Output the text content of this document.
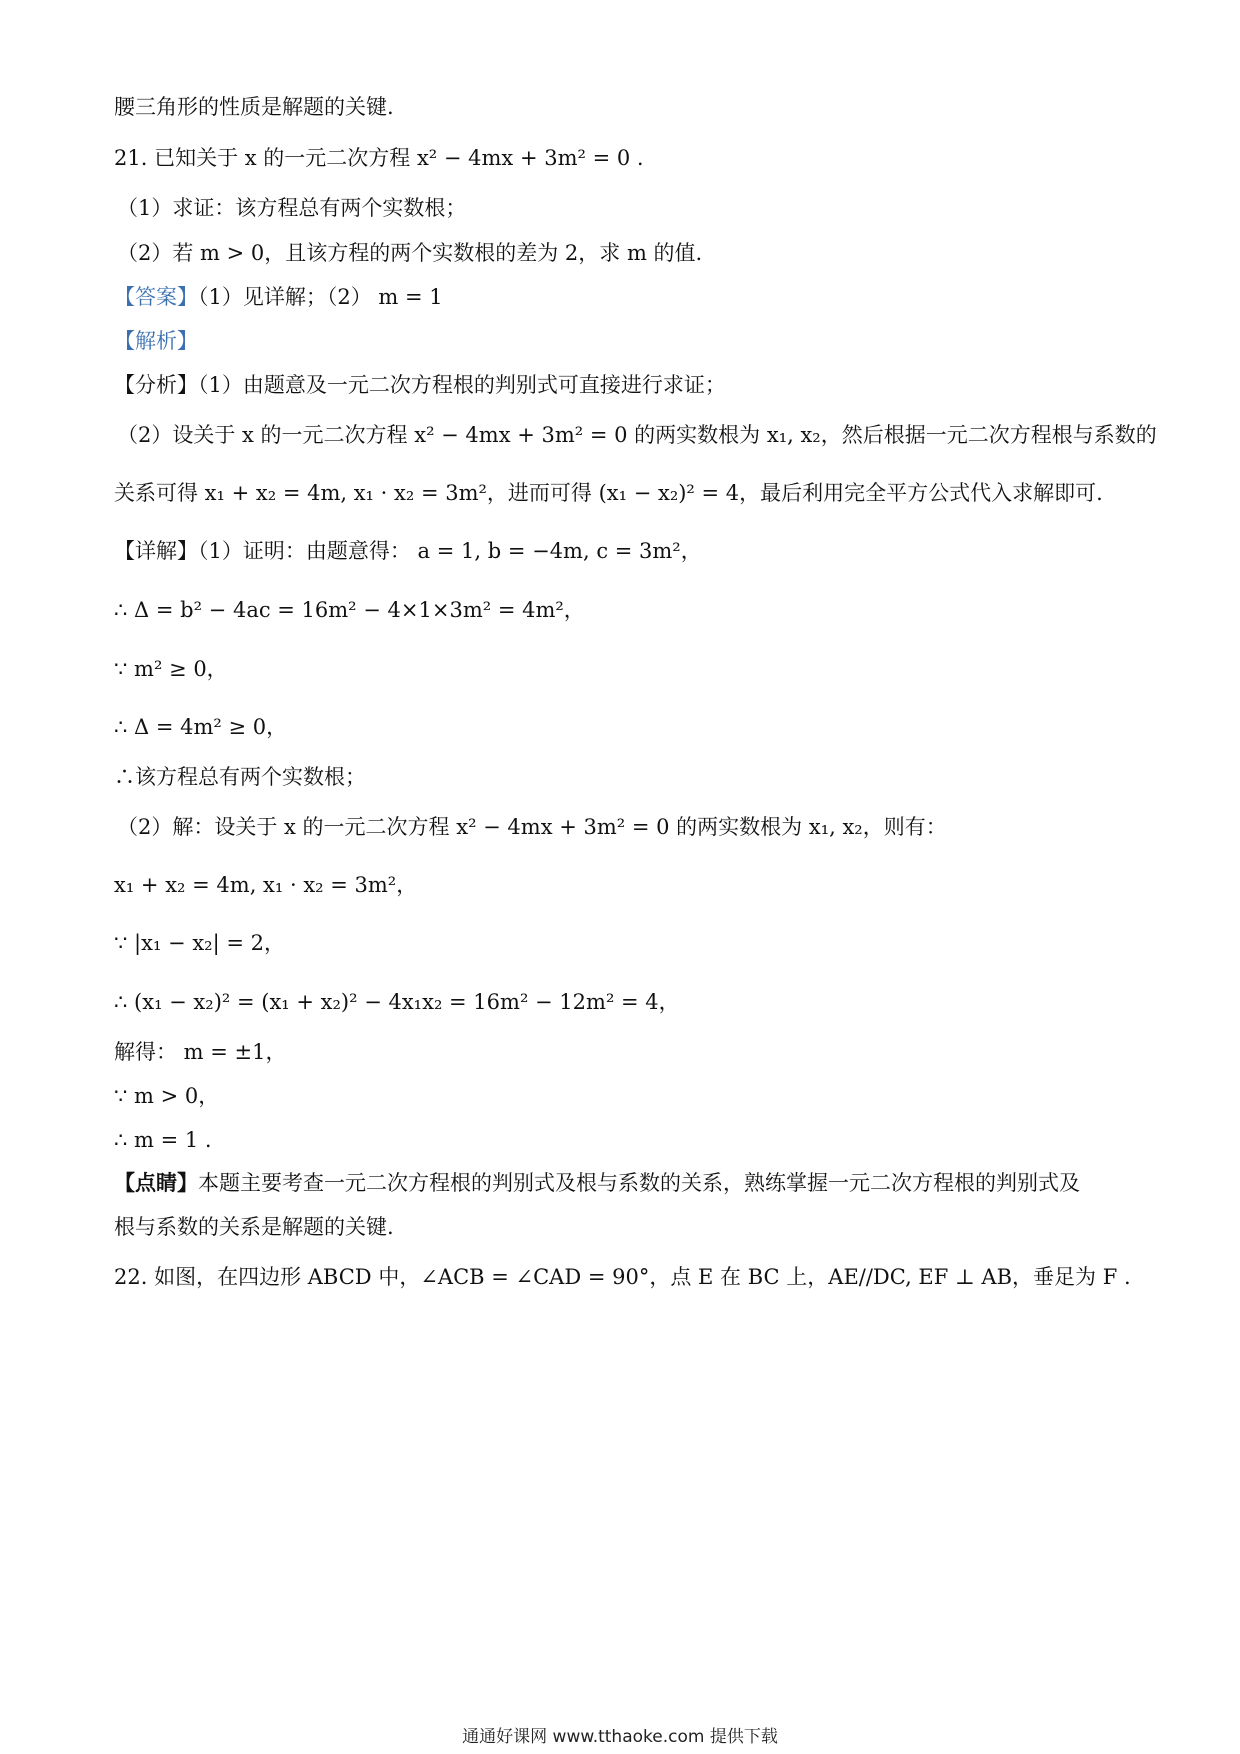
腰三角形的性质是解题的关键.
21. 已知关于 x 的一元二次方程 x² − 4mx + 3m² = 0 .
（1）求证：该方程总有两个实数根；
（2）若 m > 0，且该方程的两个实数根的差为 2，求 m 的值.
【答案】（1）见详解；（2） m = 1
【解析】
【分析】（1）由题意及一元二次方程根的判别式可直接进行求证；
（2）设关于 x 的一元二次方程 x² − 4mx + 3m² = 0 的两实数根为 x₁, x₂，然后根据一元二次方程根与系数的
关系可得 x₁ + x₂ = 4m, x₁ · x₂ = 3m²，进而可得 (x₁ − x₂)² = 4，最后利用完全平方公式代入求解即可.
【详解】（1）证明：由题意得： a = 1, b = −4m, c = 3m²，
∴ Δ = b² − 4ac = 16m² − 4×1×3m² = 4m²，
∵ m² ≥ 0，
∴ Δ = 4m² ≥ 0，
∴该方程总有两个实数根；
（2）解：设关于 x 的一元二次方程 x² − 4mx + 3m² = 0 的两实数根为 x₁, x₂，则有：
x₁ + x₂ = 4m, x₁ · x₂ = 3m²，
∵ |x₁ − x₂| = 2，
∴ (x₁ − x₂)² = (x₁ + x₂)² − 4x₁x₂ = 16m² − 12m² = 4，
解得： m = ±1，
∵ m > 0，
∴ m = 1 .
【点睛】本题主要考查一元二次方程根的判别式及根与系数的关系，熟练掌握一元二次方程根的判别式及
根与系数的关系是解题的关键.
22. 如图，在四边形 ABCD 中，∠ACB = ∠CAD = 90°，点 E 在 BC 上，AE//DC, EF ⊥ AB，垂足为 F .
通通好课网 www.tthaoke.com 提供下载
